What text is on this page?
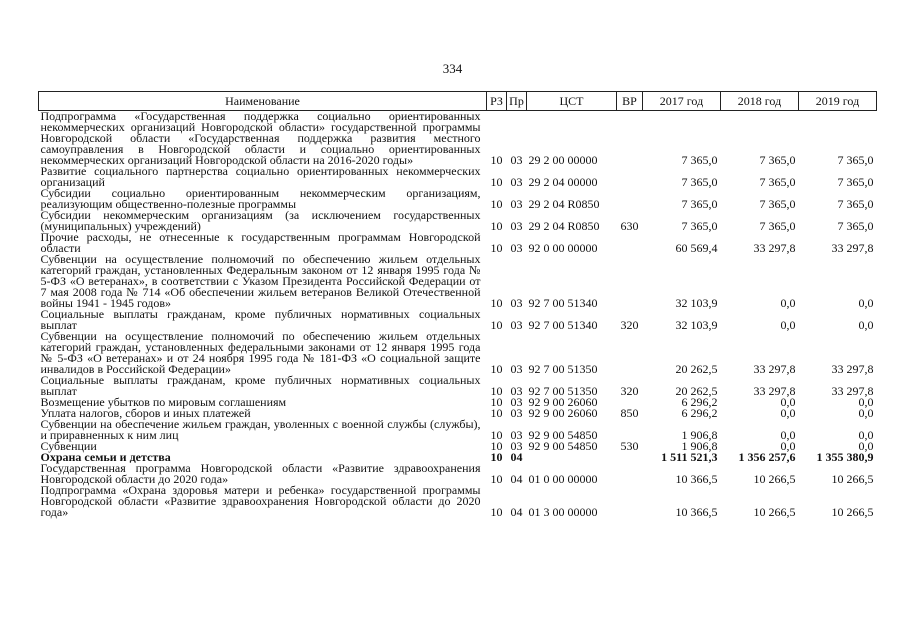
334
Наименование	РЗ	Пр	ЦСТ	ВР	2017 год	2018 год	2019 год
Подпрограмма «Государственная поддержка социально ориентированных некоммерческих организаций Новгородской области» государственной программы Новгородской области «Государственная поддержка развития местного самоуправления в Новгородской области и социально ориентированных некоммерческих организаций Новгородской области на 2016-2020 годы»	10	03	29 2 00 00000		7 365,0	7 365,0	7 365,0
Развитие социального партнерства социально ориентированных некоммерческих организаций	10	03	29 2 04 00000		7 365,0	7 365,0	7 365,0
Субсидии социально ориентированным некоммерческим организациям, реализующим общественно-полезные программы	10	03	29 2 04 R0850		7 365,0	7 365,0	7 365,0
Субсидии некоммерческим организациям (за исключением государственных (муниципальных) учреждений)	10	03	29 2 04 R0850	630	7 365,0	7 365,0	7 365,0
Прочие расходы, не отнесенные к государственным программам Новгородской области	10	03	92 0 00 00000		60 569,4	33 297,8	33 297,8
Субвенции на осуществление полномочий по обеспечению жильем отдельных категорий граждан, установленных Федеральным законом от 12 января 1995 года № 5-ФЗ «О ветеранах», в соответствии с Указом Президента Российской Федерации от 7 мая 2008 года № 714 «Об обеспечении жильем ветеранов Великой Отечественной войны 1941 - 1945 годов»	10	03	92 7 00 51340		32 103,9	0,0	0,0
Социальные выплаты гражданам, кроме публичных нормативных социальных выплат	10	03	92 7 00 51340	320	32 103,9	0,0	0,0
Субвенции на осуществление полномочий по обеспечению жильем отдельных категорий граждан, установленных федеральными законами от 12 января 1995 года № 5-ФЗ «О ветеранах» и от 24 ноября 1995 года № 181-ФЗ «О социальной защите инвалидов в Российской Федерации»	10	03	92 7 00 51350		20 262,5	33 297,8	33 297,8
Социальные выплаты гражданам, кроме публичных нормативных социальных выплат	10	03	92 7 00 51350	320	20 262,5	33 297,8	33 297,8
Возмещение убытков по мировым соглашениям	10	03	92 9 00 26060		6 296,2	0,0	0,0
Уплата налогов, сборов и иных платежей	10	03	92 9 00 26060	850	6 296,2	0,0	0,0
Субвенции на обеспечение жильем граждан, уволенных с военной службы (службы), и приравненных к ним лиц	10	03	92 9 00 54850		1 906,8	0,0	0,0
Субвенции	10	03	92 9 00 54850	530	1 906,8	0,0	0,0
Охрана семьи и детства	10	04			1 511 521,3	1 356 257,6	1 355 380,9
Государственная программа Новгородской области «Развитие здравоохранения Новгородской области до 2020 года»	10	04	01 0 00 00000		10 366,5	10 266,5	10 266,5
Подпрограмма «Охрана здоровья матери и ребенка» государственной программы Новгородской области «Развитие здравоохранения Новгородской области до 2020 года»	10	04	01 3 00 00000		10 366,5	10 266,5	10 266,5
